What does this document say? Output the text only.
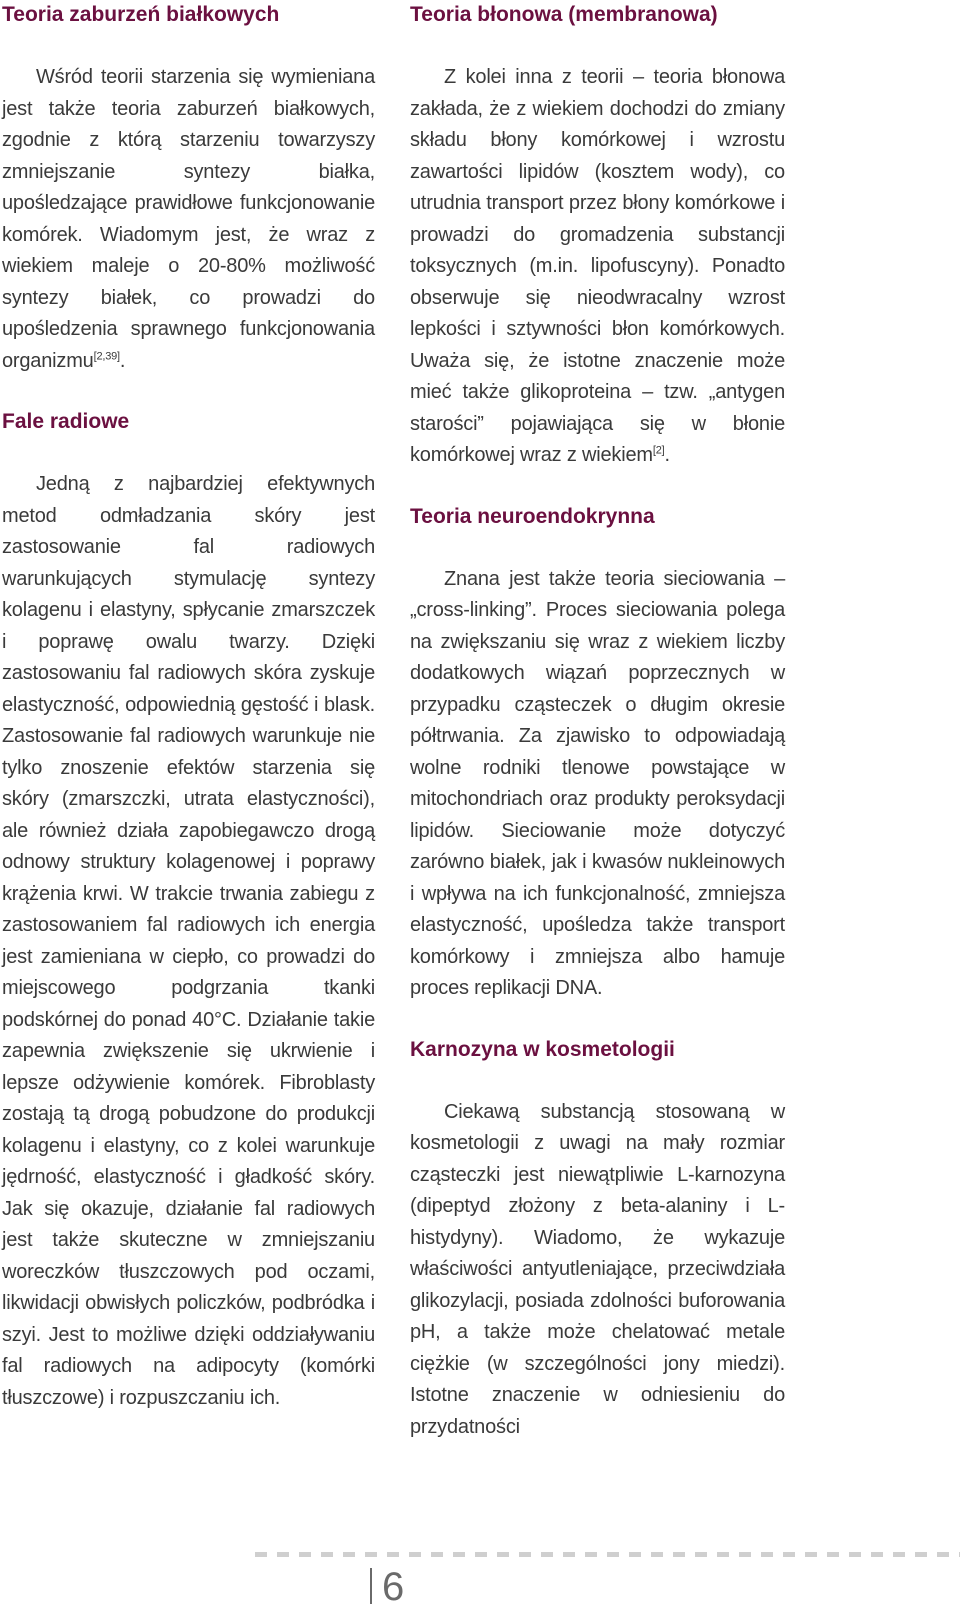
Teoria zaburzeń białkowych

Wśród teorii starzenia się wymieniana jest także teoria zaburzeń białkowych, zgodnie z którą starzeniu towarzyszy zmniejszanie syntezy białka, upośledzające prawidłowe funkcjonowanie komórek. Wiadomym jest, że wraz z wiekiem maleje o 20-80% możliwość syntezy białek, co prowadzi do upośledzenia sprawnego funkcjonowania organizmu[2,39].

Fale radiowe

Jedną z najbardziej efektywnych metod odmładzania skóry jest zastosowanie fal radiowych warunkujących stymulację syntezy kolagenu i elastyny, spłycanie zmarszczek i poprawę owalu twarzy. Dzięki zastosowaniu fal radiowych skóra zyskuje elastyczność, odpowiednią gęstość i blask. Zastosowanie fal radiowych warunkuje nie tylko znoszenie efektów starzenia się skóry (zmarszczki, utrata elastyczności), ale również działa zapobiegawczo drogą odnowy struktury kolagenowej i poprawy krążenia krwi. W trakcie trwania zabiegu z zastosowaniem fal radiowych ich energia jest zamieniana w ciepło, co prowadzi do miejscowego podgrzania tkanki podskórnej do ponad 40°C. Działanie takie zapewnia zwiększenie się ukrwienie i lepsze odżywienie komórek. Fibroblasty zostają tą drogą pobudzone do produkcji kolagenu i elastyny, co z kolei warunkuje jędrność, elastyczność i gładkość skóry. Jak się okazuje, działanie fal radiowych jest także skuteczne w zmniejszaniu woreczków tłuszczowych pod oczami, likwidacji obwisłych policzków, podbródka i szyi. Jest to możliwe dzięki oddziaływaniu fal radiowych na adipocyty (komórki tłuszczowe) i rozpuszczaniu ich.

Teoria błonowa (membranowa)

Z kolei inna z teorii – teoria błonowa zakłada, że z wiekiem dochodzi do zmiany składu błony komórkowej i wzrostu zawartości lipidów (kosztem wody), co utrudnia transport przez błony komórkowe i prowadzi do gromadzenia substancji toksycznych (m.in. lipofuscyny). Ponadto obserwuje się nieodwracalny wzrost lepkości i sztywności błon komórkowych. Uważa się, że istotne znaczenie może mieć także glikoproteina – tzw. „antygen starości” pojawiająca się w błonie komórkowej wraz z wiekiem[2].

Teoria neuroendokrynna

Znana jest także teoria sieciowania – „cross-linking”. Proces sieciowania polega na zwiększaniu się wraz z wiekiem liczby dodatkowych wiązań poprzecznych w przypadku cząsteczek o długim okresie półtrwania. Za zjawisko to odpowiadają wolne rodniki tlenowe powstające w mitochondriach oraz produkty peroksydacji lipidów. Sieciowanie może dotyczyć zarówno białek, jak i kwasów nukleinowych i wpływa na ich funkcjonalność, zmniejsza elastyczność, upośledza także transport komórkowy i zmniejsza albo hamuje proces replikacji DNA.

Karnozyna w kosmetologii

Ciekawą substancją stosowaną w kosmetologii z uwagi na mały rozmiar cząsteczki jest niewątpliwie L-karnozyna (dipeptyd złożony z beta-alaniny i L-histydyny). Wiadomo, że wykazuje właściwości antyutleniające, przeciwdziała glikozylacji, posiada zdolności buforowania pH, a także może chelatować metale ciężkie (w szczególności jony miedzi). Istotne znaczenie w odniesieniu do przydatności

6
